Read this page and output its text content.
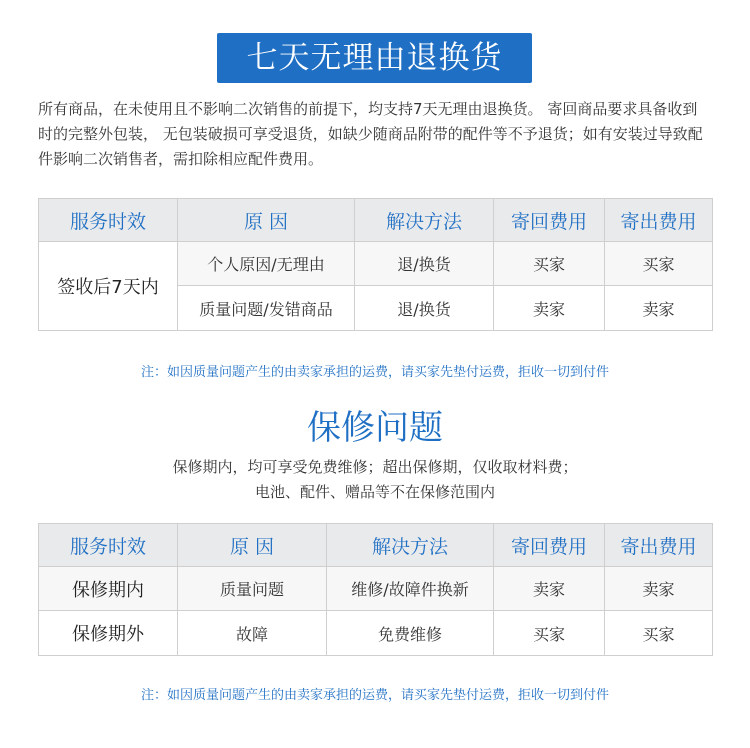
七天无理由退换货

所有商品，在未使用且不影响二次销售的前提下，均支持7天无理由退换货。 寄回商品要求具备收到时的完整外包装， 无包装破损可享受退货，如缺少随商品附带的配件等不予退货；如有安装过导致配件影响二次销售者，需扣除相应配件费用。

服务时效	原 因	解决方法	寄回费用	寄出费用
签收后7天内	个人原因/无理由	退/换货	买家	买家
	质量问题/发错商品	退/换货	卖家	卖家
注：如因质量问题产生的由卖家承担的运费，请买家先垫付运费，拒收一切到付件
保修问题
保修期内，均可享受免费维修；超出保修期，仅收取材料费；
电池、配件、赠品等不在保修范围内
服务时效	原 因	解决方法	寄回费用	寄出费用
保修期内	质量问题	维修/故障件换新	卖家	卖家
保修期外	故障	免费维修	买家	买家
注：如因质量问题产生的由卖家承担的运费，请买家先垫付运费，拒收一切到付件
